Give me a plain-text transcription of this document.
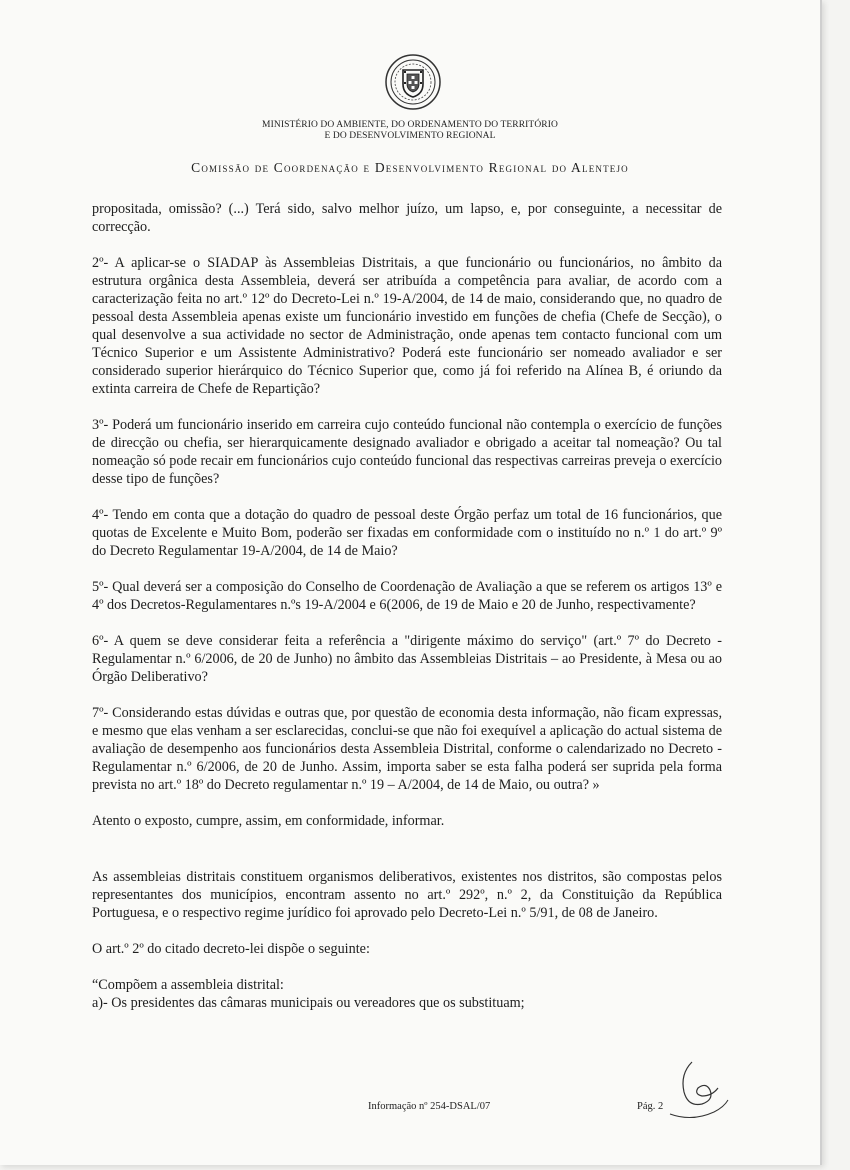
MINISTÉRIO DO AMBIENTE, DO ORDENAMENTO DO TERRITÓRIO
E DO DESENVOLVIMENTO REGIONAL
Comissão de Coordenação e Desenvolvimento Regional do Alentejo

propositada, omissão? (...) Terá sido, salvo melhor juízo, um lapso, e, por conseguinte, a necessitar de correcção.

2º- A aplicar-se o SIADAP às Assembleias Distritais, a que funcionário ou funcionários, no âmbito da estrutura orgânica desta Assembleia, deverá ser atribuída a competência para avaliar, de acordo com a caracterização feita no art.º 12º do Decreto-Lei n.º 19-A/2004, de 14 de maio, considerando que, no quadro de pessoal desta Assembleia apenas existe um funcionário investido em funções de chefia (Chefe de Secção), o qual desenvolve a sua actividade no sector de Administração, onde apenas tem contacto funcional com um Técnico Superior e um Assistente Administrativo? Poderá este funcionário ser nomeado avaliador e ser considerado superior hierárquico do Técnico Superior que, como já foi referido na Alínea B, é oriundo da extinta carreira de Chefe de Repartição?

3º- Poderá um funcionário inserido em carreira cujo conteúdo funcional não contempla o exercício de funções de direcção ou chefia, ser hierarquicamente designado avaliador e obrigado a aceitar tal nomeação? Ou tal nomeação só pode recair em funcionários cujo conteúdo funcional das respectivas carreiras preveja o exercício desse tipo de funções?

4º- Tendo em conta que a dotação do quadro de pessoal deste Órgão perfaz um total de 16 funcionários, que quotas de Excelente e Muito Bom, poderão ser fixadas em conformidade com o instituído no n.º 1 do art.º 9º do Decreto Regulamentar 19-A/2004, de 14 de Maio?

5º- Qual deverá ser a composição do Conselho de Coordenação de Avaliação a que se referem os artigos 13º e 4º dos Decretos-Regulamentares n.ºs 19-A/2004 e 6(2006, de 19 de Maio e 20 de Junho, respectivamente?

6º- A quem se deve considerar feita a referência a "dirigente máximo do serviço" (art.º 7º do Decreto - Regulamentar n.º 6/2006, de 20 de Junho) no âmbito das Assembleias Distritais – ao Presidente, à Mesa ou ao Órgão Deliberativo?

7º- Considerando estas dúvidas e outras que, por questão de economia desta informação, não ficam expressas, e mesmo que elas venham a ser esclarecidas, conclui-se que não foi exequível a aplicação do actual sistema de avaliação de desempenho aos funcionários desta Assembleia Distrital, conforme o calendarizado no Decreto - Regulamentar n.º 6/2006, de 20 de Junho. Assim, importa saber se esta falha poderá ser suprida pela forma prevista no art.º 18º do Decreto regulamentar n.º 19 – A/2004, de 14 de Maio, ou outra? »

Atento o exposto, cumpre, assim, em conformidade, informar.

As assembleias distritais constituem organismos deliberativos, existentes nos distritos, são compostas pelos representantes dos municípios, encontram assento no art.º 292º, n.º 2, da Constituição da República Portuguesa, e o respectivo regime jurídico foi aprovado pelo Decreto-Lei n.º 5/91, de 08 de Janeiro.

O art.º 2º do citado decreto-lei dispõe o seguinte:

“Compõem a assembleia distrital:

a)- Os presidentes das câmaras municipais ou vereadores que os substituam;

Informação nº 254-DSAL/07	Pág. 2
